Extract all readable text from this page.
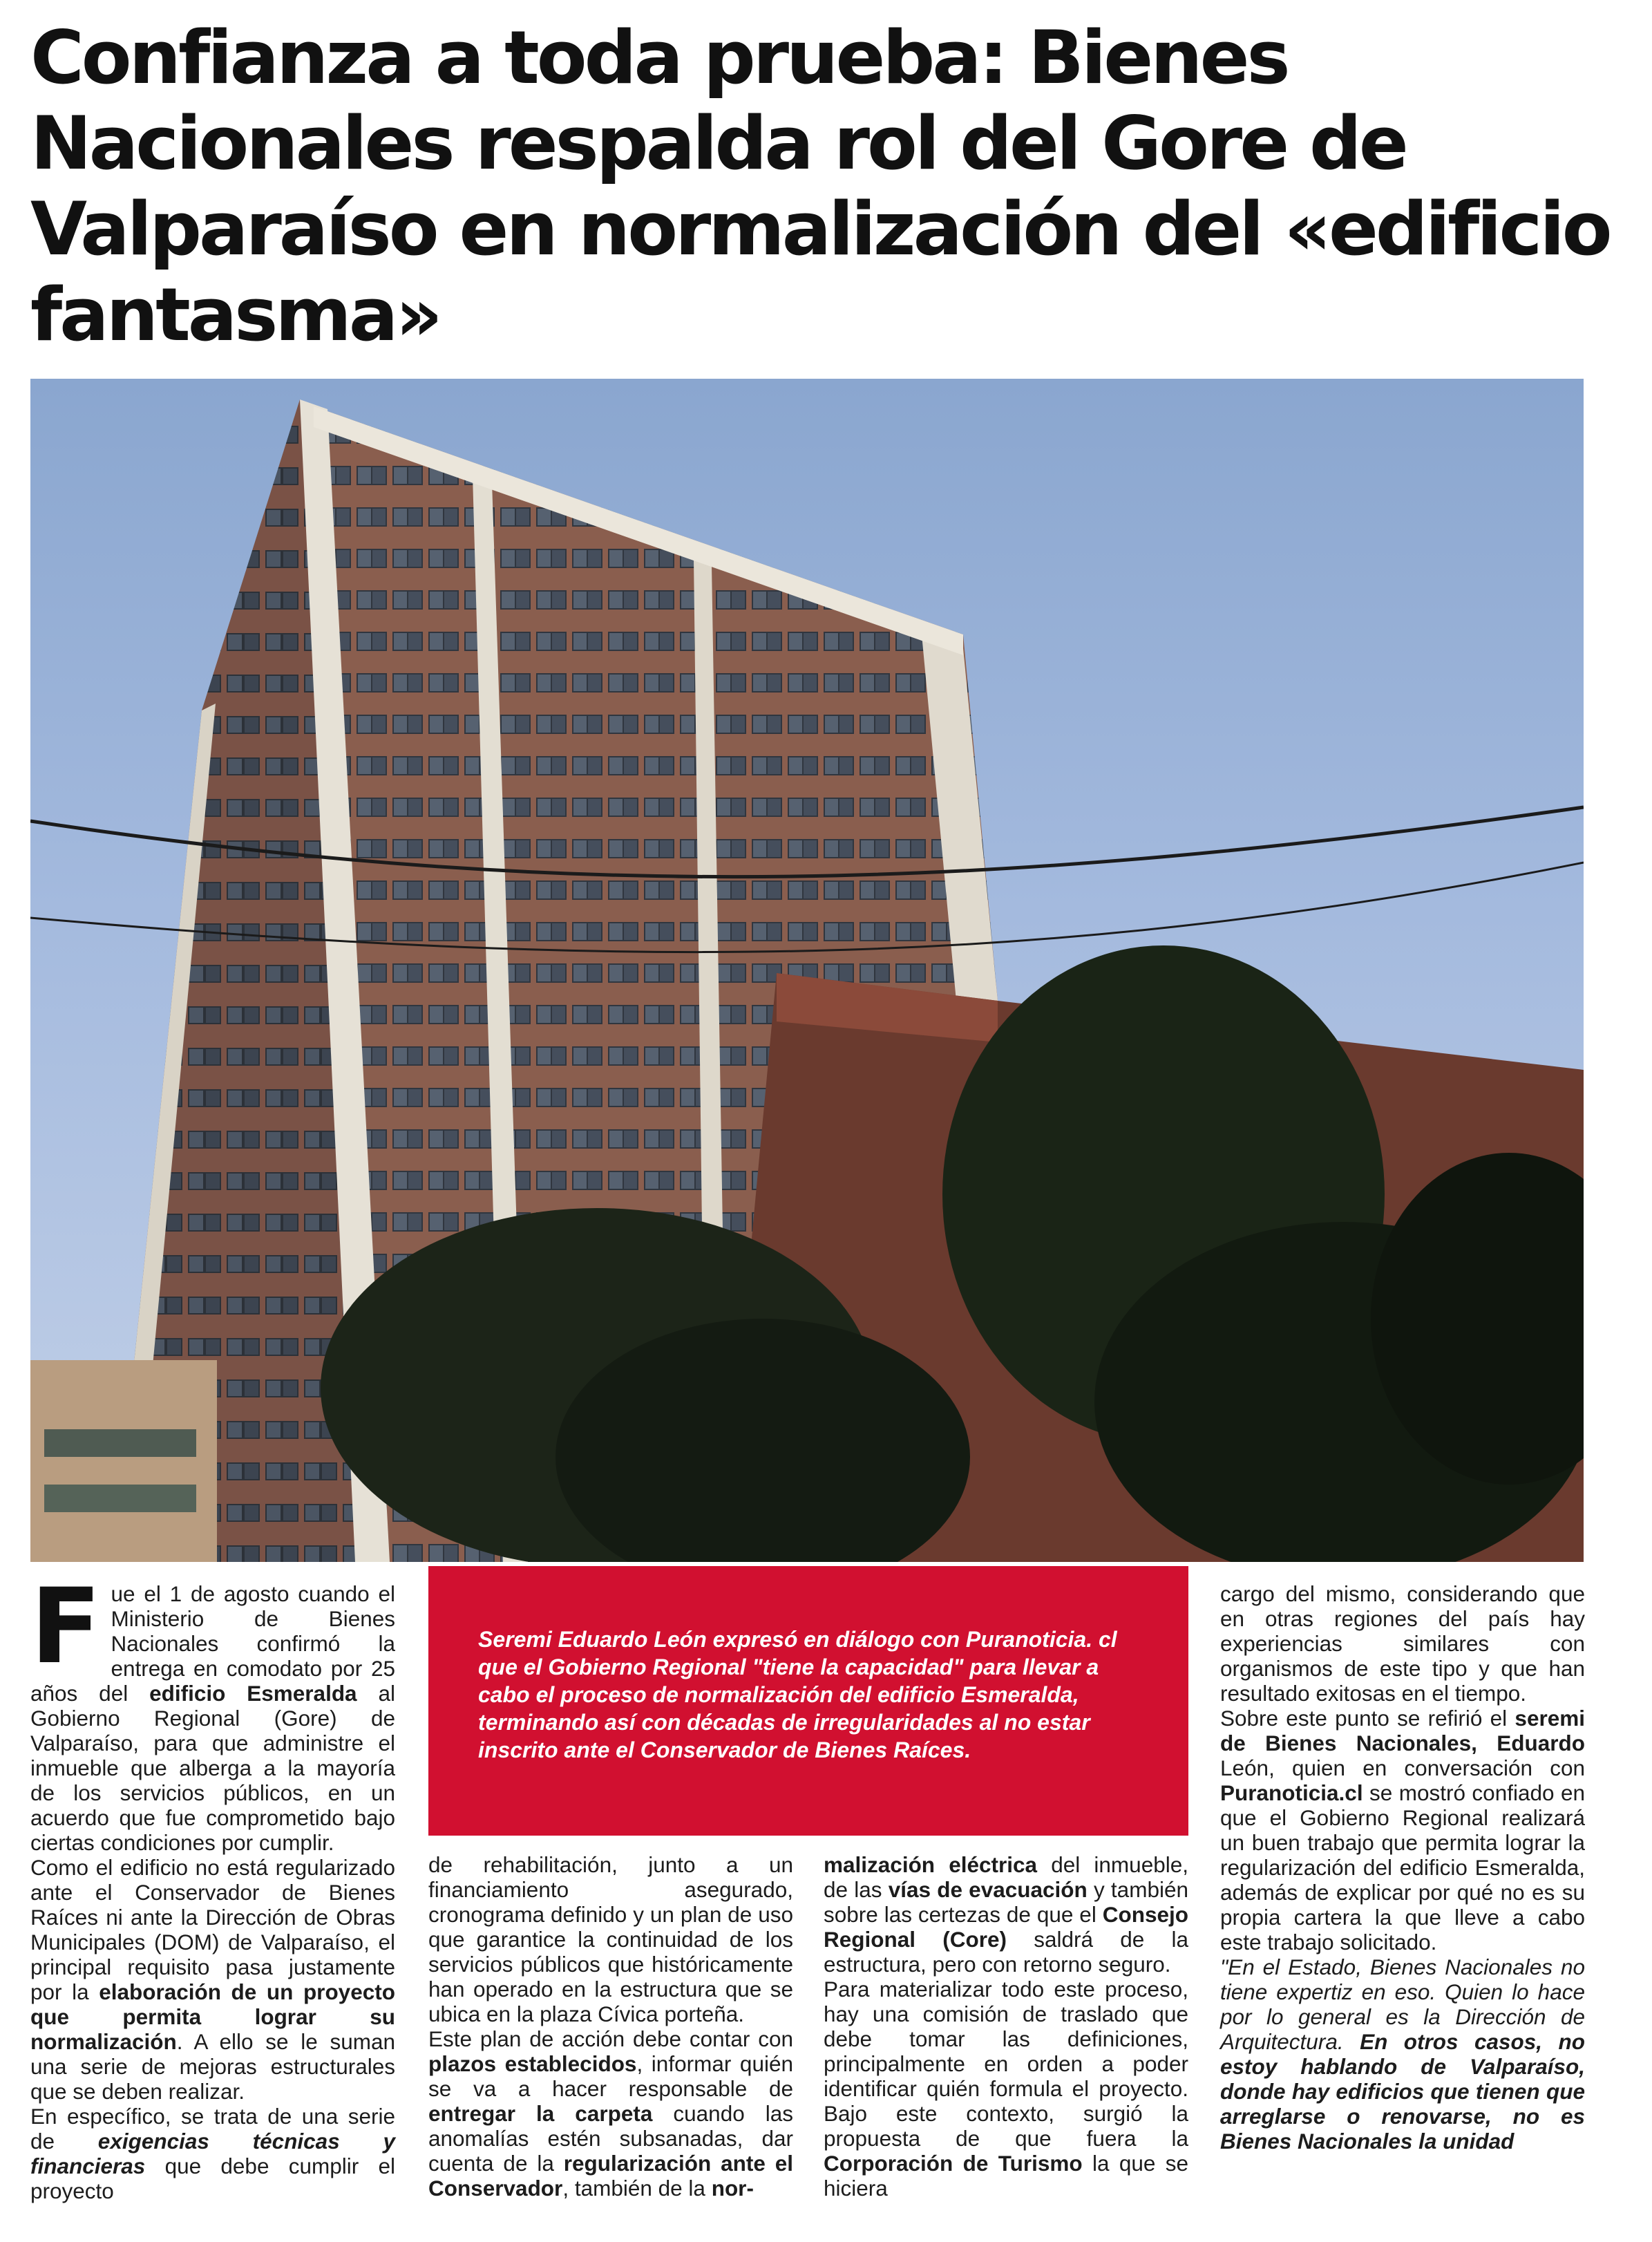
Confianza a toda prueba: Bienes Nacionales respalda rol del Gore de Valparaíso en normalización del «edificio fantasma»
Seremi Eduardo León expresó en diálogo con Puranoticia. cl que el Gobierno Regional "tiene la capacidad" para llevar a cabo el proceso de normalización del edificio Esmeralda, terminando así con décadas de irregularidades al no estar inscrito ante el Conservador de Bienes Raíces.

Fue el 1 de agosto cuando el Ministerio de Bienes Nacionales confirmó la entrega en comodato por 25 años del edificio Esmeralda al Gobierno Regional (Gore) de Valparaíso, para que administre el inmueble que alberga a la mayoría de los servicios públicos, en un acuerdo que fue comprometido bajo ciertas condiciones por cumplir.

Como el edificio no está regularizado ante el Conservador de Bienes Raíces ni ante la Dirección de Obras Municipales (DOM) de Valparaíso, el principal requisito pasa justamente por la elaboración de un proyecto que permita lograr su normalización. A ello se le suman una serie de mejoras estructurales que se deben realizar.

En específico, se trata de una serie de exigencias técnicas y financieras que debe cumplir el proyecto

de rehabilitación, junto a un financiamiento asegurado, cronograma definido y un plan de uso que garantice la continuidad de los servicios públicos que históricamente han operado en la estructura que se ubica en la plaza Cívica porteña.

Este plan de acción debe contar con plazos establecidos, informar quién se va a hacer responsable de entregar la carpeta cuando las anomalías estén subsanadas, dar cuenta de la regularización ante el Conservador, también de la nor-

malización eléctrica del inmueble, de las vías de evacuación y también sobre las certezas de que el Consejo Regional (Core) saldrá de la estructura, pero con retorno seguro.

Para materializar todo este proceso, hay una comisión de traslado que debe tomar las definiciones, principalmente en orden a poder identificar quién formula el proyecto. Bajo este contexto, surgió la propuesta de que fuera la Corporación de Turismo la que se hiciera

cargo del mismo, considerando que en otras regiones del país hay experiencias similares con organismos de este tipo y que han resultado exitosas en el tiempo.

Sobre este punto se refirió el seremi de Bienes Nacionales, Eduardo León, quien en conversación con Puranoticia.cl se mostró confiado en que el Gobierno Regional realizará un buen trabajo que permita lograr la regularización del edificio Esmeralda, además de explicar por qué no es su propia cartera la que lleve a cabo este trabajo solicitado.

"En el Estado, Bienes Nacionales no tiene expertiz en eso. Quien lo hace por lo general es la Dirección de Arquitectura. En otros casos, no estoy hablando de Valparaíso, donde hay edificios que tienen que arreglarse o renovarse, no es Bienes Nacionales la unidad
